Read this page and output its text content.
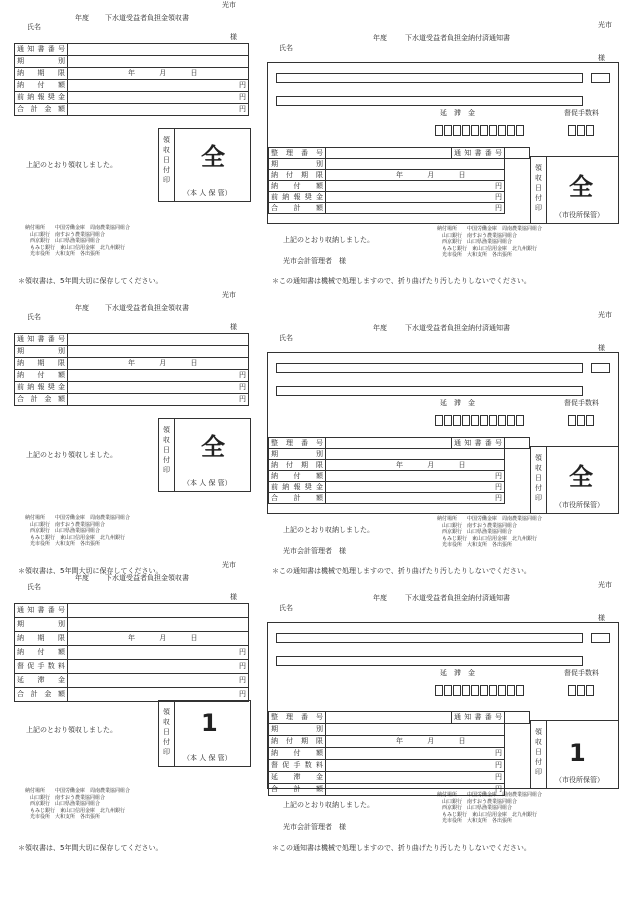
光市
年度 下水道受益者負担金領収書
氏名
様
通知書番号	
期　別	
納期限	年 月 日
納付額	円
前納報奨金	円
合計金額	円
領
収
日
付
印
全
（本 人 保 管）
上記のとおり領収しました。
納付場所　　中国労働金庫　周南農業協同組合
　山口銀行　南すおう農業協同組合
　西京銀行　山口県漁業協同組合
　もみじ銀行　東山口信用金庫　北九州銀行
　光市役所　大和支所　各出張所
＊領収書は、5年間大切に保存してください。
光市
年度	下水道受益者負担金納付済通知書
氏名
様
延　滞　金	督促手数料
整理番号		通知書番号	
期　別			
納付期限	年 月 日		
納付額	円		
前納報奨金	円		
合計額	円		
領
収
日
付
印
全
（市役所保管）
上記のとおり収納しました。
光市会計管理者　様
納付場所　　中国労働金庫　周南農業協同組合
　山口銀行　南すおう農業協同組合
　西京銀行　山口県漁業協同組合
　もみじ銀行　東山口信用金庫　北九州銀行
　光市役所　大和支所　各出張所
＊この通知書は機械で処理しますので、折り曲げたり汚したりしないでください。
光市
年度 下水道受益者負担金領収書
氏名
様
通知書番号	
期　別	
納期限	年 月 日
納付額	円
前納報奨金	円
合計金額	円
領
収
日
付
印
全
（本 人 保 管）
上記のとおり領収しました。
納付場所　　中国労働金庫　周南農業協同組合
　山口銀行　南すおう農業協同組合
　西京銀行　山口県漁業協同組合
　もみじ銀行　東山口信用金庫　北九州銀行
　光市役所　大和支所　各出張所
＊領収書は、5年間大切に保存してください。
光市
年度	下水道受益者負担金納付済通知書
氏名
様
延　滞　金	督促手数料
整理番号		通知書番号	
期　別			
納付期限	年 月 日		
納付額	円		
前納報奨金	円		
合計額	円		
領
収
日
付
印
全
（市役所保管）
上記のとおり収納しました。
光市会計管理者　様
納付場所　　中国労働金庫　周南農業協同組合
　山口銀行　南すおう農業協同組合
　西京銀行　山口県漁業協同組合
　もみじ銀行　東山口信用金庫　北九州銀行
　光市役所　大和支所　各出張所
＊この通知書は機械で処理しますので、折り曲げたり汚したりしないでください。
光市
年度 下水道受益者負担金領収書
氏名
様
通知書番号	
期　別	
納期限	年 月 日
納付額	円
督促手数料	円
延滞金	円
合計金額	円
領
収
日
付
印
1
（本 人 保 管）
上記のとおり領収しました。
納付場所　　中国労働金庫　周南農業協同組合
　山口銀行　南すおう農業協同組合
　西京銀行　山口県漁業協同組合
　もみじ銀行　東山口信用金庫　北九州銀行
　光市役所　大和支所　各出張所
＊領収書は、5年間大切に保存してください。
光市
年度	下水道受益者負担金納付済通知書
氏名
様
延　滞　金	督促手数料
整理番号		通知書番号	
期　別			
納付期限	年 月 日		
納付額	円		
督促手数料	円		
延滞金	円		
合計額	円		
領
収
日
付
印
1
（市役所保管）
上記のとおり収納しました。
光市会計管理者　様
納付場所　　中国労働金庫　周南農業協同組合
　山口銀行　南すおう農業協同組合
　西京銀行　山口県漁業協同組合
　もみじ銀行　東山口信用金庫　北九州銀行
　光市役所　大和支所　各出張所
＊この通知書は機械で処理しますので、折り曲げたり汚したりしないでください。
